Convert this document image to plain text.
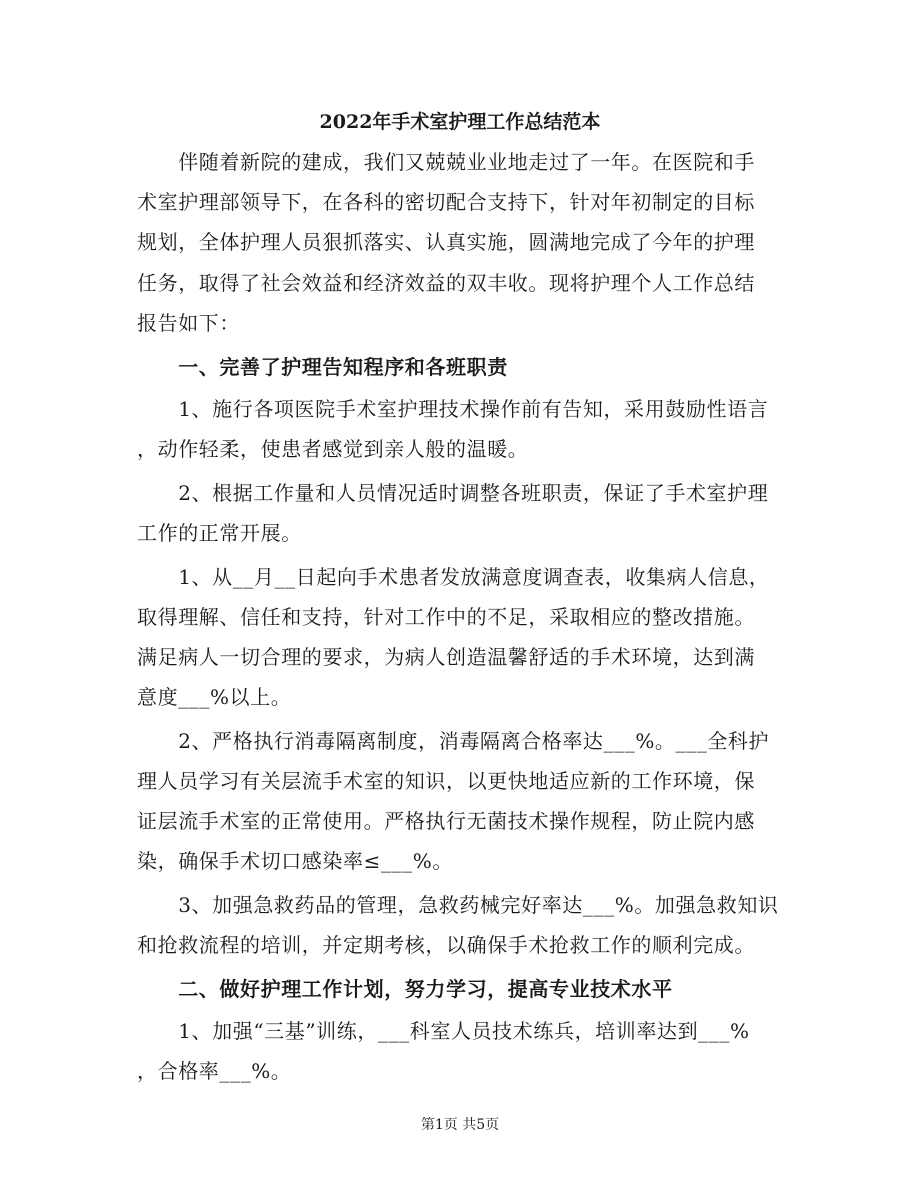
2022年手术室护理工作总结范本
　　伴随着新院的建成，我们又兢兢业业地走过了一年。在医院和手
术室护理部领导下，在各科的密切配合支持下，针对年初制定的目标
规划，全体护理人员狠抓落实、认真实施，圆满地完成了今年的护理
任务，取得了社会效益和经济效益的双丰收。现将护理个人工作总结
报告如下：
　　一、完善了护理告知程序和各班职责
　　1、施行各项医院手术室护理技术操作前有告知，采用鼓励性语言
，动作轻柔，使患者感觉到亲人般的温暖。
　　2、根据工作量和人员情况适时调整各班职责，保证了手术室护理
工作的正常开展。
　　1、从__月__日起向手术患者发放满意度调查表，收集病人信息，
取得理解、信任和支持，针对工作中的不足，采取相应的整改措施。
满足病人一切合理的要求，为病人创造温馨舒适的手术环境，达到满
意度___%以上。
　　2、严格执行消毒隔离制度，消毒隔离合格率达___%。___全科护
理人员学习有关层流手术室的知识，以更快地适应新的工作环境，保
证层流手术室的正常使用。严格执行无菌技术操作规程，防止院内感
染，确保手术切口感染率≤___%。
　　3、加强急救药品的管理，急救药械完好率达___%。加强急救知识
和抢救流程的培训，并定期考核，以确保手术抢救工作的顺利完成。
　　二、做好护理工作计划，努力学习，提高专业技术水平
　　1、加强“三基”训练，___科室人员技术练兵，培训率达到___%
，合格率___%。
第1页 共5页
